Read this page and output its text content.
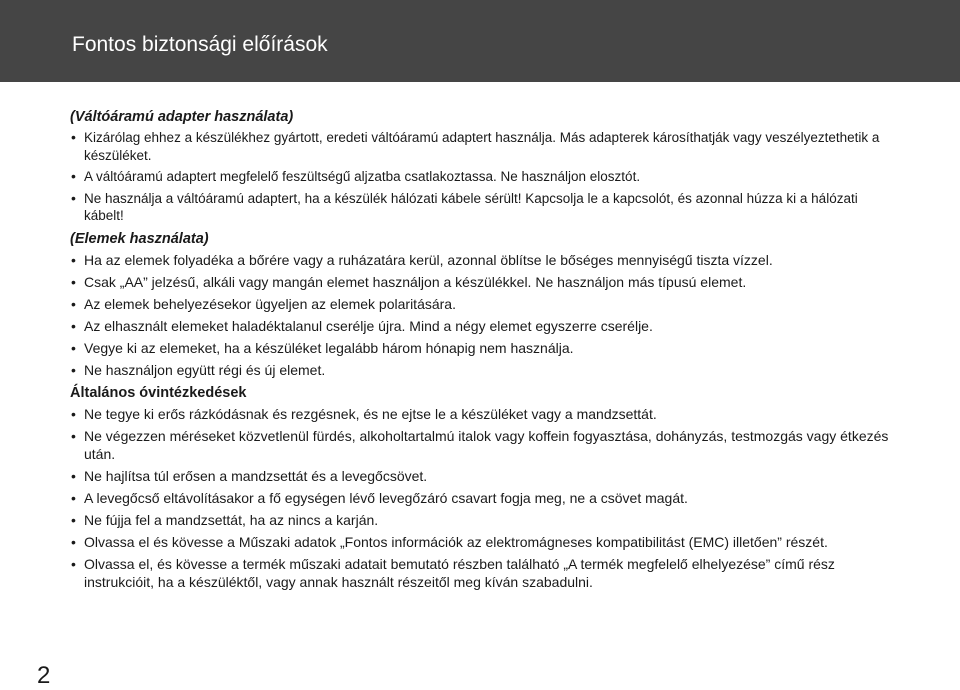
Fontos biztonsági előírások

(Váltóáramú adapter használata)

• Kizárólag ehhez a készülékhez gyártott, eredeti váltóáramú adaptert használja. Más adapterek károsíthatják vagy veszélyeztethetik a készüléket.
• A váltóáramú adaptert megfelelő feszültségű aljzatba csatlakoztassa. Ne használjon elosztót.
• Ne használja a váltóáramú adaptert, ha a készülék hálózati kábele sérült! Kapcsolja le a kapcsolót, és azonnal húzza ki a hálózati kábelt!

(Elemek használata)

• Ha az elemek folyadéka a bőrére vagy a ruházatára kerül, azonnal öblítse le bőséges mennyiségű tiszta vízzel.
• Csak „AA” jelzésű, alkáli vagy mangán elemet használjon a készülékkel. Ne használjon más típusú elemet.
• Az elemek behelyezésekor ügyeljen az elemek polaritására.
• Az elhasznált elemeket haladéktalanul cserélje újra. Mind a négy elemet egyszerre cserélje.
• Vegye ki az elemeket, ha a készüléket legalább három hónapig nem használja.
• Ne használjon együtt régi és új elemet.

Általános óvintézkedések

• Ne tegye ki erős rázkódásnak és rezgésnek, és ne ejtse le a készüléket vagy a mandzsettát.
• Ne végezzen méréseket közvetlenül fürdés, alkoholtartalmú italok vagy koffein fogyasztása, dohányzás, testmozgás vagy étkezés után.
• Ne hajlítsa túl erősen a mandzsettát és a levegőcsövet.
• A levegőcső eltávolításakor a fő egységen lévő levegőzáró csavart fogja meg, ne a csövet magát.
• Ne fújja fel a mandzsettát, ha az nincs a karján.
• Olvassa el és kövesse a Műszaki adatok „Fontos információk az elektromágneses kompatibilitást (EMC) illetően” részét.
• Olvassa el, és kövesse a termék műszaki adatait bemutató részben található „A termék megfelelő elhelyezése” című rész instrukcióit, ha a készüléktől, vagy annak használt részeitől meg kíván szabadulni.
2
